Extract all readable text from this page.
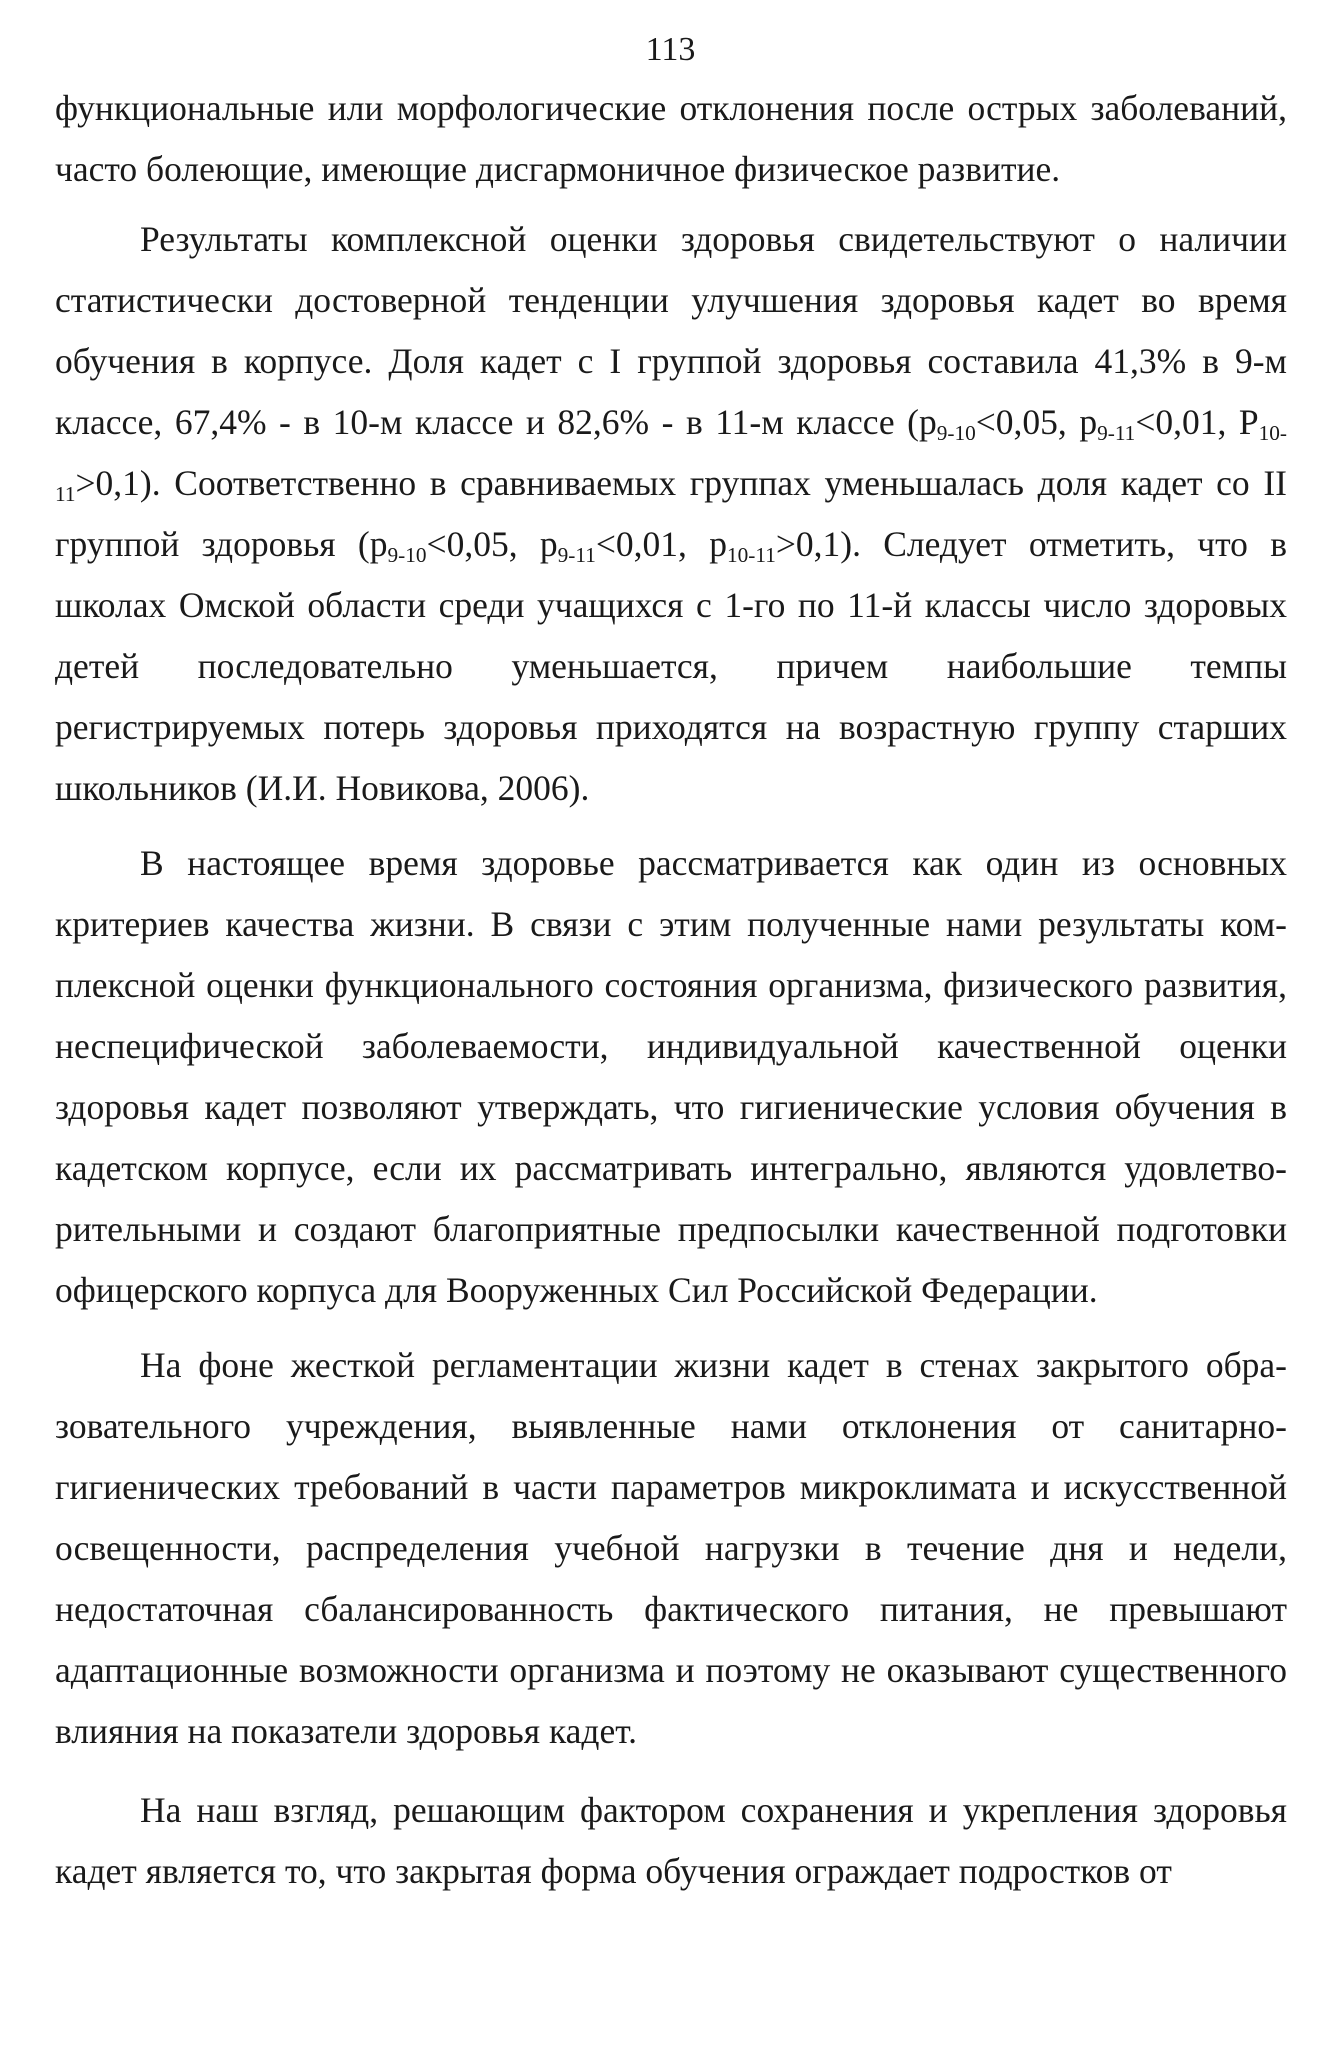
113

функциональные или морфологические отклонения после острых заболеваний, часто болеющие, имеющие дисгармоничное физическое развитие.

Результаты комплексной оценки здоровья свидетельствуют о наличии статистически достоверной тенденции улучшения здоровья кадет во время обучения в корпусе. Доля кадет с I группой здоровья составила 41,3% в 9-м классе, 67,4% - в 10-м классе и 82,6% - в 11-м классе ($p_{9-10}<0,05$, $p_{9-11}<0,01$, $P_{10-11}>0,1$). Соответственно в сравниваемых группах уменьшалась доля кадет со II группой здоровья ($p_{9-10}<0,05$, $p_{9-11}<0,01$, $p_{10-11}>0,1$). Следует отметить, что в школах Омской области среди учащихся с 1-го по 11-й классы число здоровых детей последовательно уменьшается, причем наибольшие темпы регистрируемых потерь здоровья приходятся на возрастную группу старших школьников (И.И. Новикова, 2006).

В настоящее время здоровье рассматривается как один из основных критериев качества жизни. В связи с этим полученные нами результаты комплексной оценки функционального состояния организма, физического развития, неспецифической заболеваемости, индивидуальной качественной оценки здоровья кадет позволяют утверждать, что гигиенические условия обучения в кадетском корпусе, если их рассматривать интегрально, являются удовлетворительными и создают благоприятные предпосылки качественной подготовки офицерского корпуса для Вооруженных Сил Российской Федерации.

На фоне жесткой регламентации жизни кадет в стенах закрытого образовательного учреждения, выявленные нами отклонения от санитарно-гигиенических требований в части параметров микроклимата и искусственной освещенности, распределения учебной нагрузки в течение дня и недели, недостаточная сбалансированность фактического питания, не превышают адаптационные возможности организма и поэтому не оказывают существенного влияния на показатели здоровья кадет.

На наш взгляд, решающим фактором сохранения и укрепления здоровья кадет является то, что закрытая форма обучения ограждает подростков от
